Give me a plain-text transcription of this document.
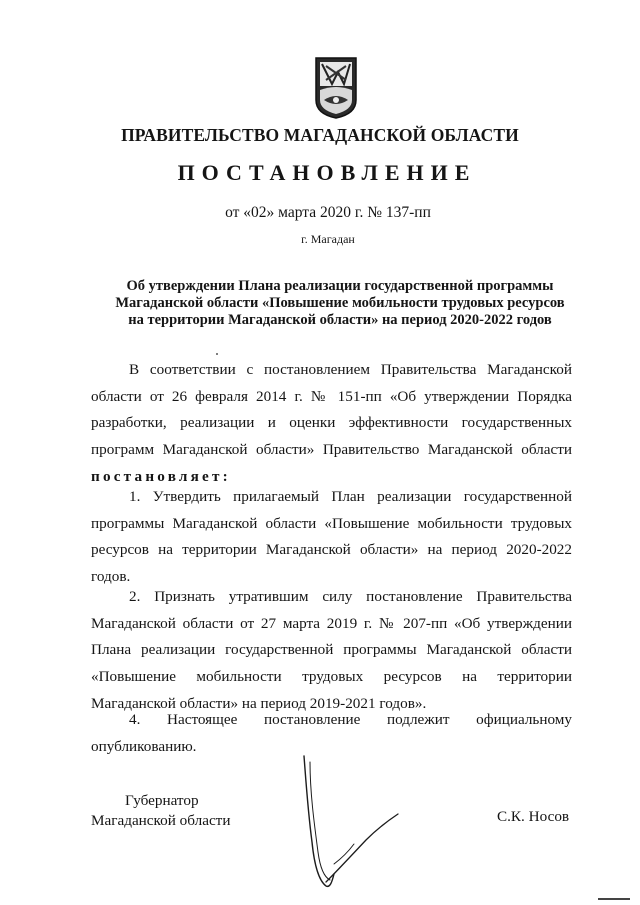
ПРАВИТЕЛЬСТВО МАГАДАНСКОЙ ОБЛАСТИ
ПОСТАНОВЛЕНИЕ
от «02» марта 2020 г. № 137-пп
г. Магадан
Об утверждении Плана реализации государственной программы
Магаданской области «Повышение мобильности трудовых ресурсов
на территории Магаданской области» на период 2020-2022 годов
В соответствии с постановлением Правительства Магаданской
области от 26 февраля 2014 г. № 151-пп «Об утверждении Порядка
разработки, реализации и оценки эффективности государственных
программ Магаданской области» Правительство Магаданской области
постановляет:
1. Утвердить прилагаемый План реализации государственной
программы Магаданской области «Повышение мобильности трудовых
ресурсов на территории Магаданской области» на период 2020-2022
годов.
2. Признать утратившим силу постановление Правительства
Магаданской области от 27 марта 2019 г. № 207-пп «Об утверждении
Плана реализации государственной программы Магаданской области
«Повышение мобильности трудовых ресурсов на территории
Магаданской области» на период 2019-2021 годов».
4. Настоящее постановление подлежит официальному
опубликованию.
Губернатор
Магаданской области	С.К. Носов
